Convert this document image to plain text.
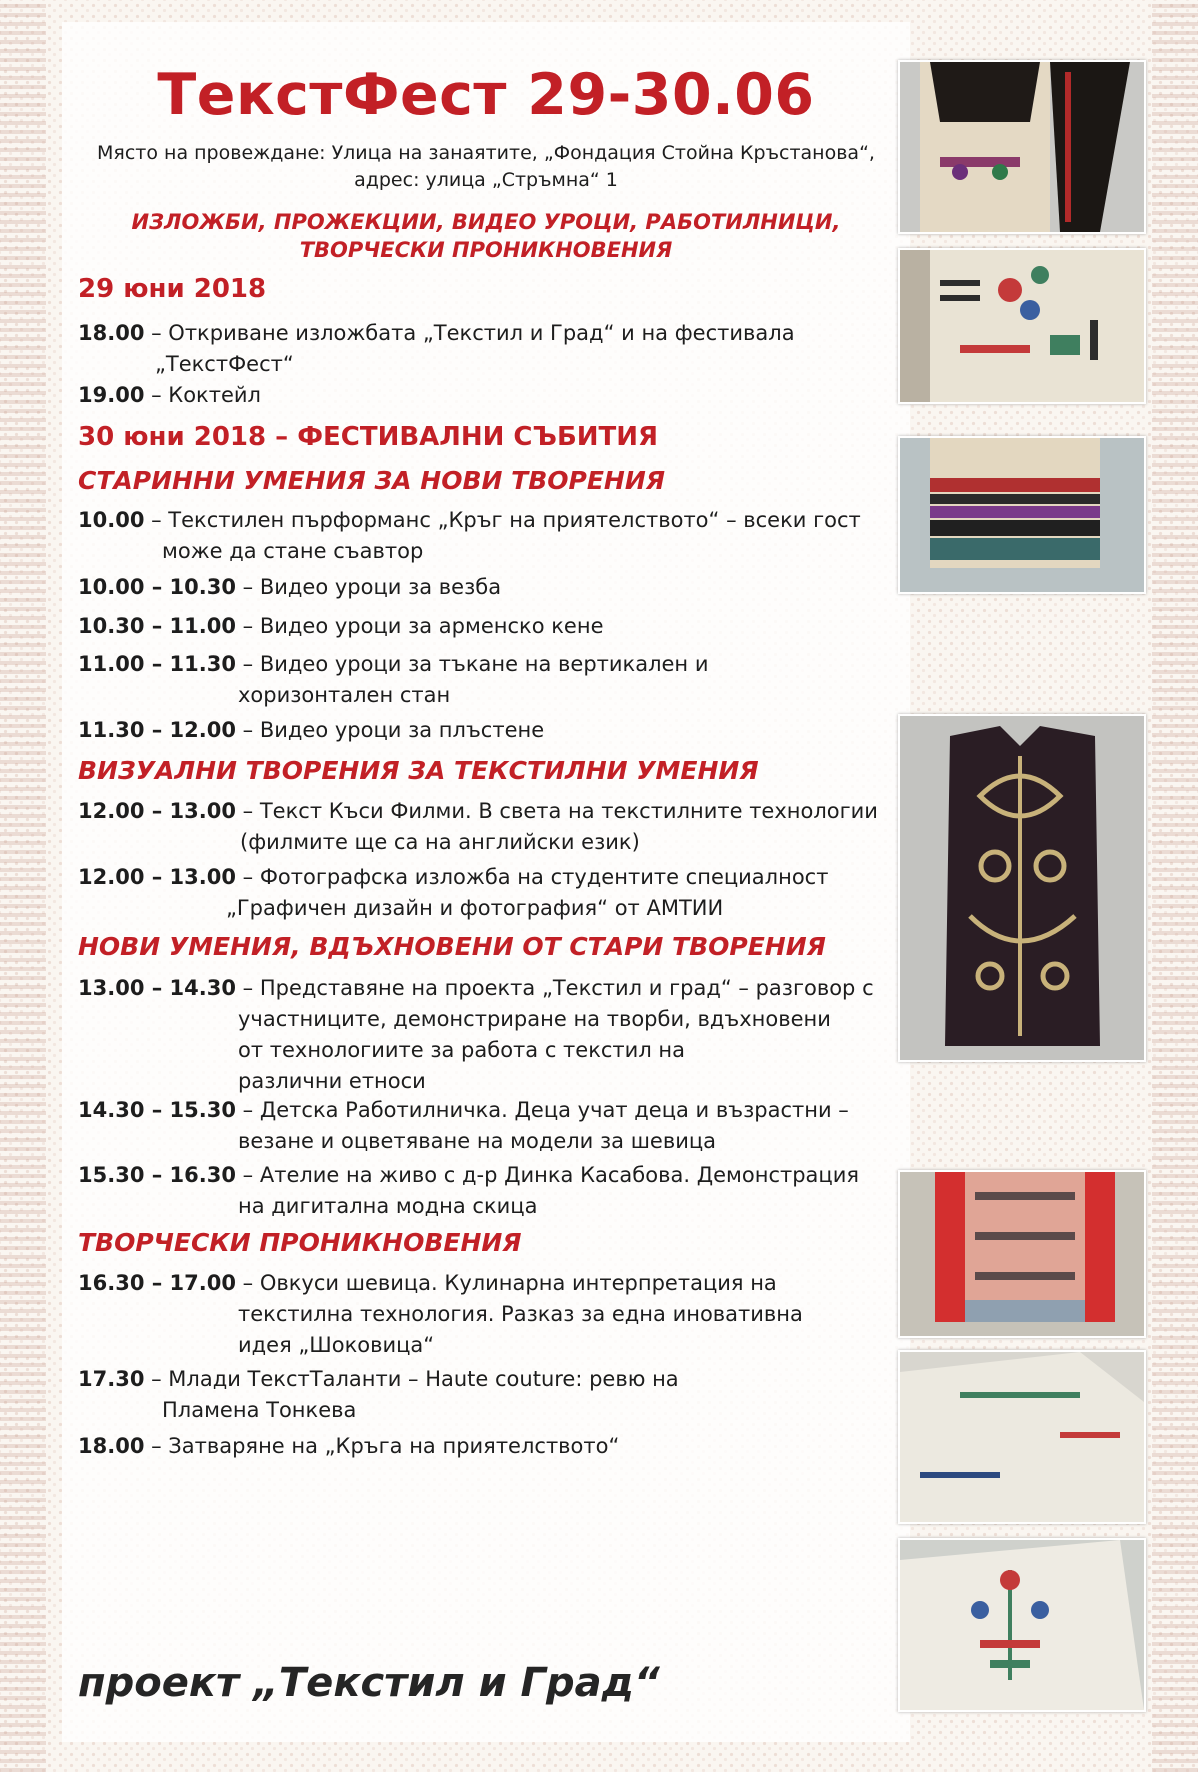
ТекстФест 29-30.06
Място на провеждане: Улица на занаятите, „Фондация Стойна Кръстанова“,
адрес: улица „Стръмна“ 1
ИЗЛОЖБИ, ПРОЖЕКЦИИ, ВИДЕО УРОЦИ, РАБОТИЛНИЦИ,
ТВОРЧЕСКИ ПРОНИКНОВЕНИЯ
29 юни 2018
18.00 – Откриване изложбата „Текстил и Град“ и на фестивала
„ТекстФест“
19.00 – Коктейл
30 юни 2018 – ФЕСТИВАЛНИ СЪБИТИЯ
СТАРИННИ УМЕНИЯ ЗА НОВИ ТВОРЕНИЯ
10.00 – Текстилен пърформанс „Кръг на приятелството“ – всеки гост
може да стане съавтор
10.00 – 10.30 – Видео уроци за везба
10.30 – 11.00 – Видео уроци за арменско кене
11.00 – 11.30 – Видео уроци за тъкане на вертикален и
хоризонтален стан
11.30 – 12.00 – Видео уроци за плъстене
ВИЗУАЛНИ ТВОРЕНИЯ ЗА ТЕКСТИЛНИ УМЕНИЯ
12.00 – 13.00 – Текст Къси Филми. В света на текстилните технологии
(филмите ще са на английски език)
12.00 – 13.00 – Фотографска изложба на студентите специалност
„Графичен дизайн и фотография“ от АМТИИ
НОВИ УМЕНИЯ, ВДЪХНОВЕНИ ОТ СТАРИ ТВОРЕНИЯ
13.00 – 14.30 – Представяне на проекта „Текстил и град“ – разговор с
участниците, демонстриране на творби, вдъхновени
от технологиите за работа с текстил на
различни етноси
14.30 – 15.30 – Детска Работилничка. Деца учат деца и възрастни –
везане и оцветяване на модели за шевица
15.30 – 16.30 – Ателие на живо с д-р Динка Касабова. Демонстрация
на дигитална модна скица
ТВОРЧЕСКИ ПРОНИКНОВЕНИЯ
16.30 – 17.00 – Овкуси шевица. Кулинарна интерпретация на
текстилна технология. Разказ за една иновативна
идея „Шоковица“
17.30 – Млади ТекстТаланти – Haute couture: ревю на
Пламена Тонкева
18.00 – Затваряне на „Кръга на приятелството“
проект „Текстил и Град“
